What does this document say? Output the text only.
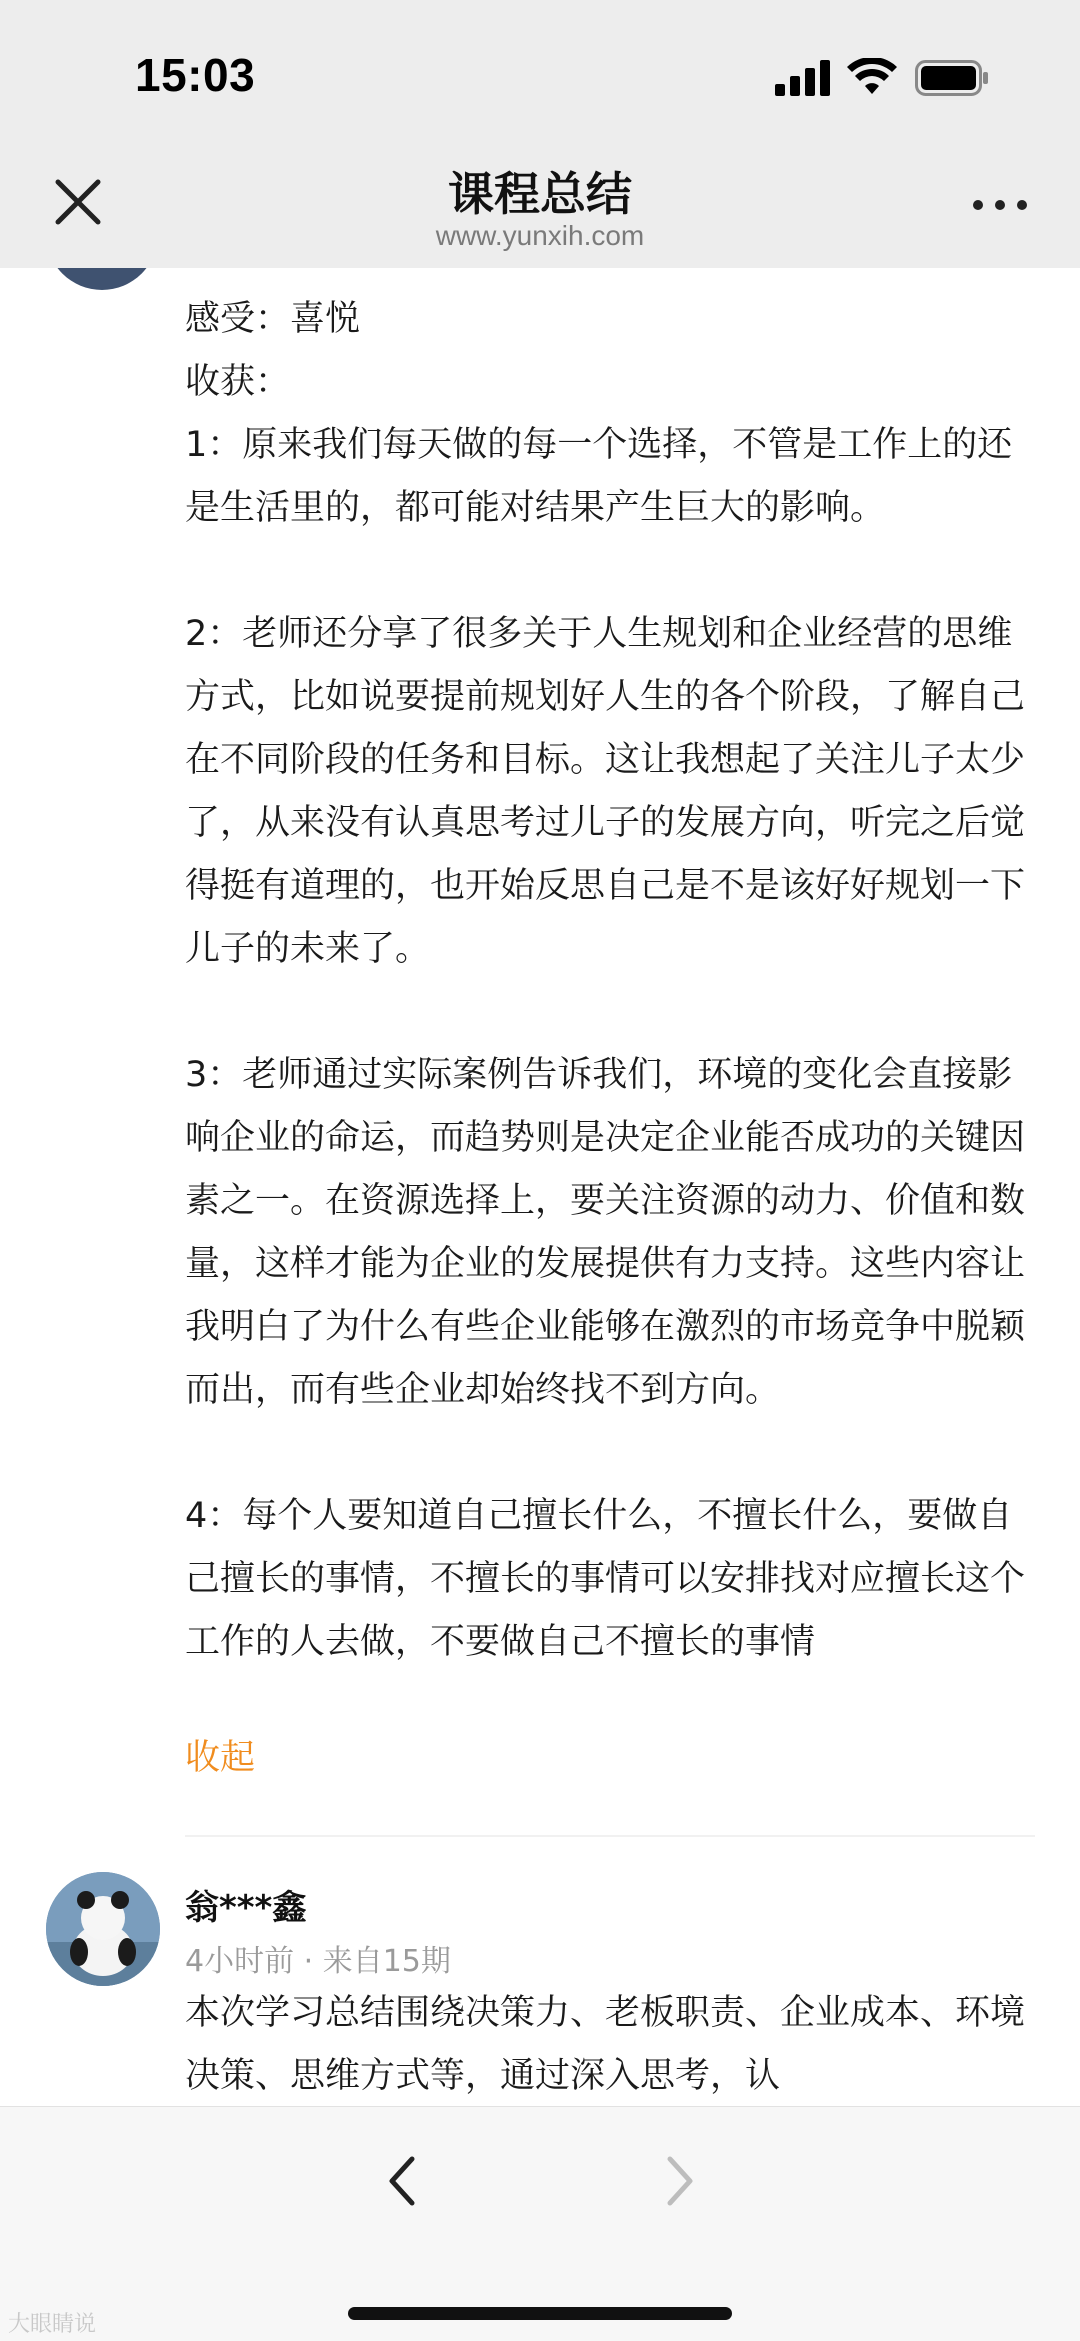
15:03
课程总结
www.yunxih.com
感受：喜悦
收获：
1：原来我们每天做的每一个选择，不管是工作上的还是生活里的，都可能对结果产生巨大的影响。
2：老师还分享了很多关于人生规划和企业经营的思维方式，比如说要提前规划好人生的各个阶段，了解自己在不同阶段的任务和目标。这让我想起了关注儿子太少了，从来没有认真思考过儿子的发展方向，听完之后觉得挺有道理的，也开始反思自己是不是该好好规划一下儿子的未来了。
3：老师通过实际案例告诉我们，环境的变化会直接影响企业的命运，而趋势则是决定企业能否成功的关键因素之一。在资源选择上，要关注资源的动力、价值和数量，这样才能为企业的发展提供有力支持。这些内容让我明白了为什么有些企业能够在激烈的市场竞争中脱颖而出，而有些企业却始终找不到方向。
4：每个人要知道自己擅长什么，不擅长什么，要做自己擅长的事情，不擅长的事情可以安排找对应擅长这个工作的人去做，不要做自己不擅长的事情
收起
翁***鑫
4小时前 · 来自15期
本次学习总结围绕决策力、老板职责、企业成本、环境决策、思维方式等，通过深入思考，认
大眼睛说
